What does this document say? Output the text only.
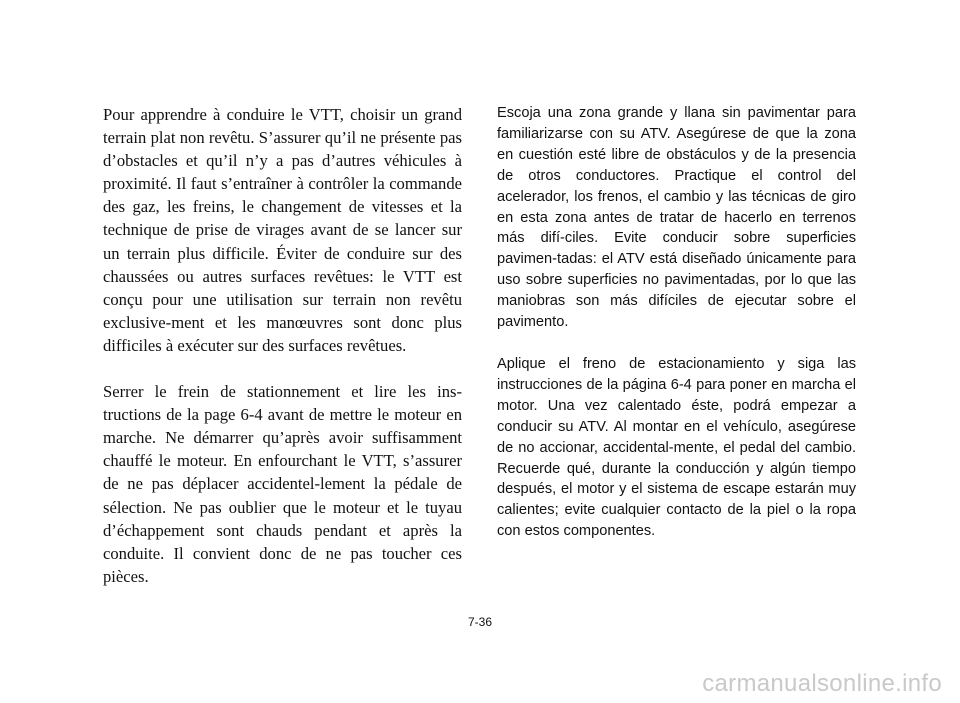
Pour apprendre à conduire le VTT, choisir un grand terrain plat non revêtu. S’assurer qu’il ne présente pas d’obstacles et qu’il n’y a pas d’autres véhicules à proximité. Il faut s’entraîner à contrôler la commande des gaz, les freins, le changement de vitesses et la technique de prise de virages avant de se lancer sur un terrain plus difficile. Éviter de conduire sur des chaussées ou autres surfaces revêtues: le VTT est conçu pour une utilisation sur terrain non revêtu exclusive-ment et les manœuvres sont donc plus difficiles à exécuter sur des surfaces revêtues.

Serrer le frein de stationnement et lire les ins-tructions de la page 6-4 avant de mettre le moteur en marche. Ne démarrer qu’après avoir suffisamment chauffé le moteur. En enfourchant le VTT, s’assurer de ne pas déplacer accidentel-lement la pédale de sélection. Ne pas oublier que le moteur et le tuyau d’échappement sont chauds pendant et après la conduite. Il convient donc de ne pas toucher ces pièces.

Escoja una zona grande y llana sin pavimentar para familiarizarse con su ATV. Asegúrese de que la zona en cuestión esté libre de obstáculos y de la presencia de otros conductores. Practique el control del acelerador, los frenos, el cambio y las técnicas de giro en esta zona antes de tratar de hacerlo en terrenos más difí-ciles. Evite conducir sobre superficies pavimen-tadas: el ATV está diseñado únicamente para uso sobre superficies no pavimentadas, por lo que las maniobras son más difíciles de ejecutar sobre el pavimento.

Aplique el freno de estacionamiento y siga las instrucciones de la página 6-4 para poner en marcha el motor. Una vez calentado éste, podrá empezar a conducir su ATV. Al montar en el vehículo, asegúrese de no accionar, accidental-mente, el pedal del cambio. Recuerde qué, durante la conducción y algún tiempo después, el motor y el sistema de escape estarán muy calientes; evite cualquier contacto de la piel o la ropa con estos componentes.

7-36
carmanualsonline.info
